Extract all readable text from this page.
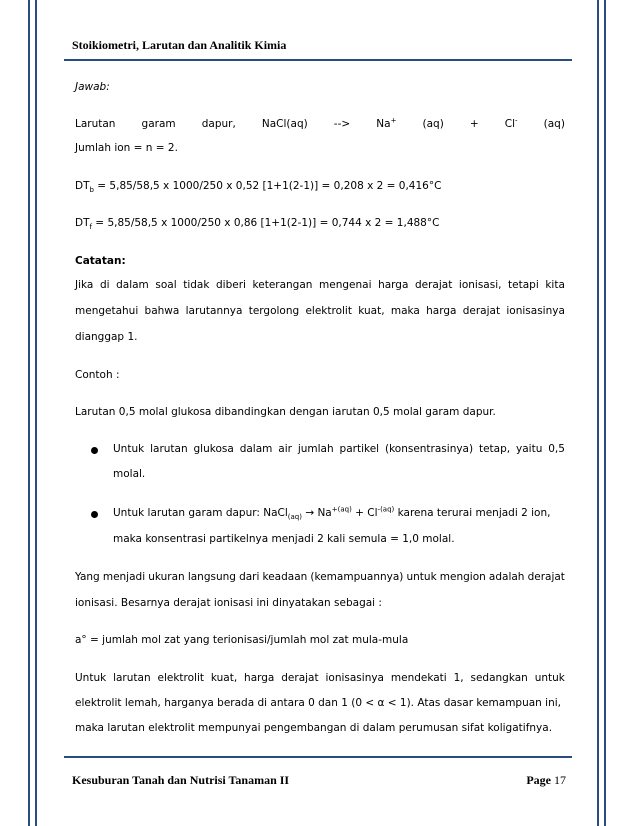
Stoikiometri, Larutan dan Analitik Kimia
Jawab:
Larutan garam dapur, NaCl(aq) --> Na+ (aq) + Cl- (aq)
Jumlah ion = n = 2.
$DT_b = 5,85/58,5$ x 1000/250 x 0,52 [1+1(2-1)] = 0,208 x 2 = 0,416°C
$DT_f = 5,85/58,5$ x 1000/250 x 0,86 [1+1(2-1)] = 0,744 x 2 = 1,488°C
Catatan:
Jika di dalam soal tidak diberi keterangan mengenai harga derajat ionisasi, tetapi kita
mengetahui bahwa larutannya tergolong elektrolit kuat, maka harga derajat ionisasinya
dianggap 1.
Contoh :
Larutan 0,5 molal glukosa dibandingkan dengan iarutan 0,5 molal garam dapur.
Untuk larutan glukosa dalam air jumlah partikel (konsentrasinya) tetap, yaitu 0,5
molal.
Untuk larutan garam dapur: NaCl$_{(aq)}$ → $Na^{+(aq)} + Cl^{-(aq)}$ karena terurai menjadi 2 ion,
maka konsentrasi partikelnya menjadi 2 kali semula = 1,0 molal.
Yang menjadi ukuran langsung dari keadaan (kemampuannya) untuk mengion adalah derajat
ionisasi. Besarnya derajat ionisasi ini dinyatakan sebagai :
a° = jumlah mol zat yang terionisasi/jumlah mol zat mula-mula
Untuk larutan elektrolit kuat, harga derajat ionisasinya mendekati 1, sedangkan untuk
elektrolit lemah, harganya berada di antara 0 dan 1 (0 < α < 1). Atas dasar kemampuan ini,
maka larutan elektrolit mempunyai pengembangan di dalam perumusan sifat koligatifnya.
Kesuburan Tanah dan Nutrisi Tanaman II	Page 17
